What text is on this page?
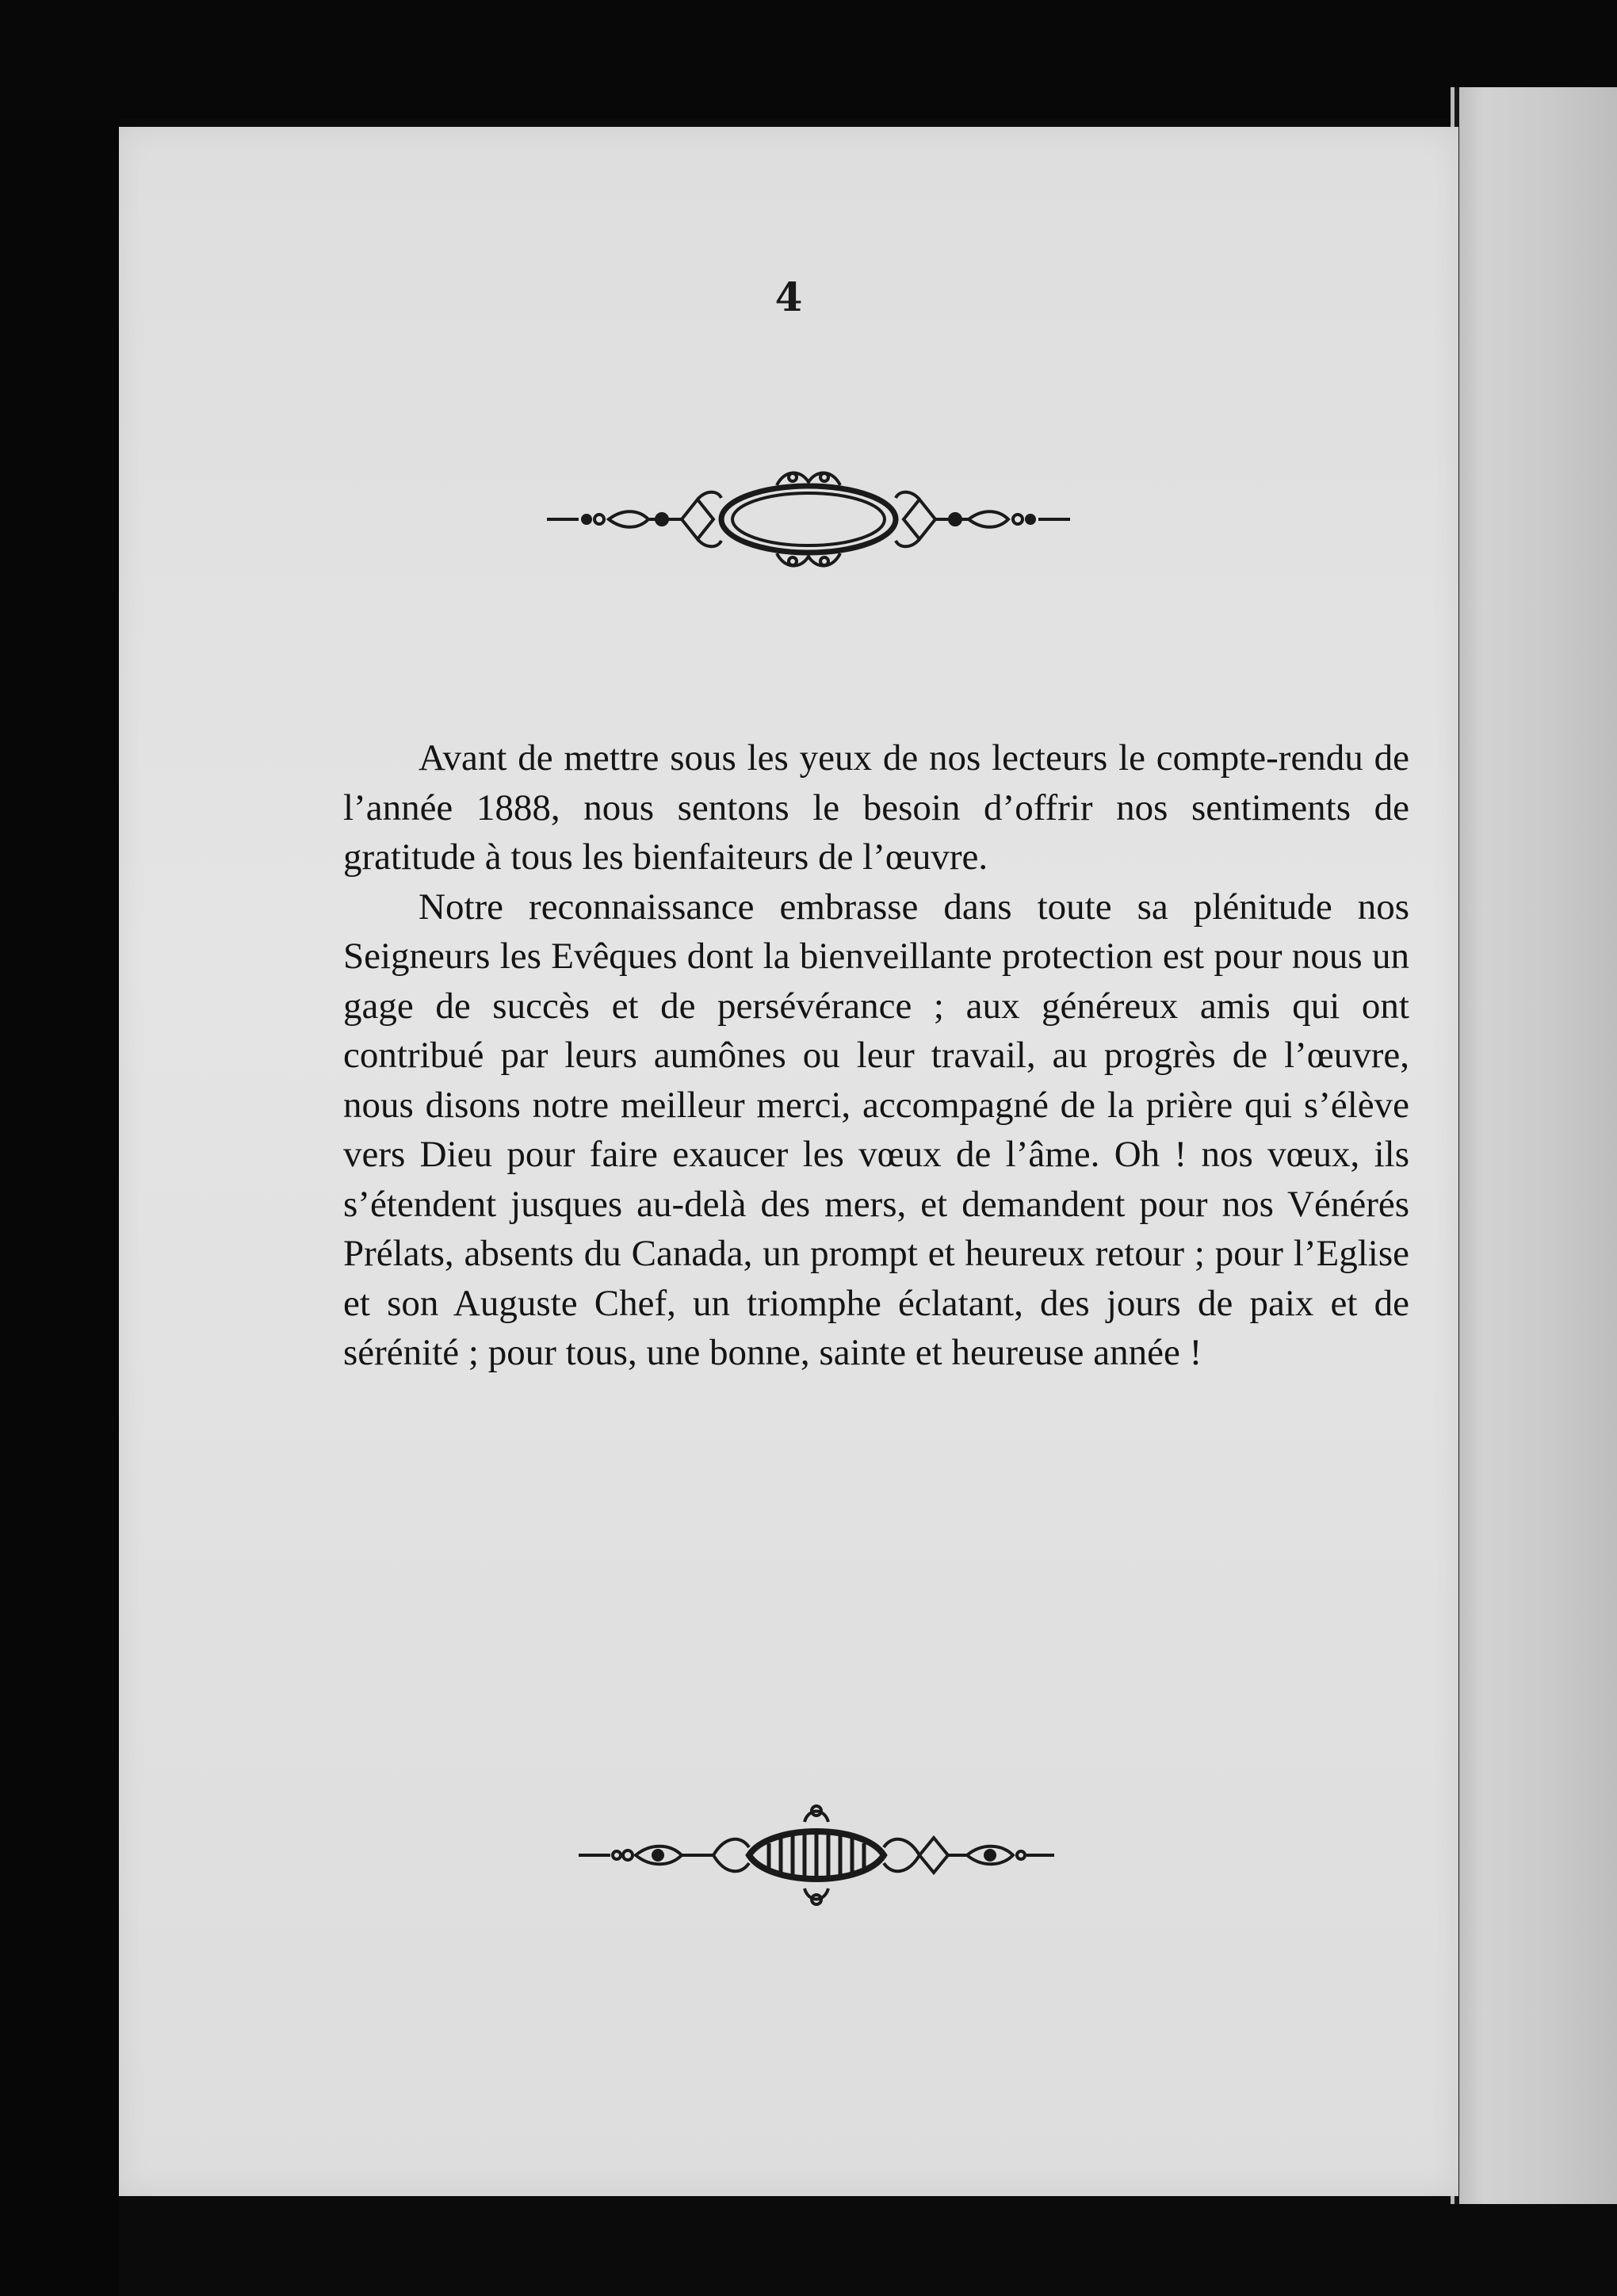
4

Avant de mettre sous les yeux de nos lecteurs le compte-rendu de l’année 1888, nous sentons le besoin d’offrir nos sentiments de gratitude à tous les bienfaiteurs de l’œuvre.

Notre reconnaissance embrasse dans toute sa plénitude nos Seigneurs les Evêques dont la bienveillante protection est pour nous un gage de succès et de persévérance ; aux généreux amis qui ont contribué par leurs aumônes ou leur travail, au progrès de l’œuvre, nous disons notre meilleur merci, accompagné de la prière qui s’élève vers Dieu pour faire exaucer les vœux de l’âme. Oh ! nos vœux, ils s’étendent jusques au-delà des mers, et demandent pour nos Vénérés Prélats, absents du Canada, un prompt et heureux retour ; pour l’Eglise et son Auguste Chef, un triomphe éclatant, des jours de paix et de sérénité ; pour tous, une bonne, sainte et heureuse année !
